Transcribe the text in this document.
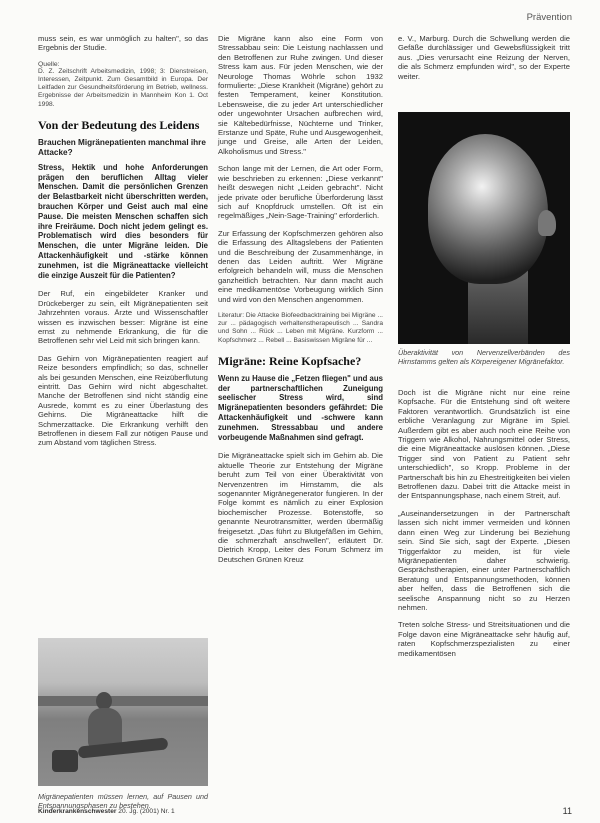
Prävention

muss sein, es war unmöglich zu halten", so das Ergebnis der Studie.

Quelle:

D. Z. Zeitschrift Arbeitsmedizin, 1998; 3: Dienstreisen, Interessen, Zeitpunkt. Zum Gesamtbild in Europa. Der Leitfaden zur Gesundheitsförderung im Betrieb, wellness. Ergebnisse der Arbeitsmedizin in Mannheim Kon 1. Oct 1998.

Von der Bedeutung des Leidens
Brauchen Migränepatienten manchmal ihre Attacke?

Stress, Hektik und hohe Anforderungen prägen den beruflichen Alltag vieler Menschen. Damit die persönlichen Grenzen der Belastbarkeit nicht überschritten werden, brauchen Körper und Geist auch mal eine Pause. Die meisten Menschen schaffen sich ihre Freiräume. Doch nicht jedem gelingt es. Problematisch wird dies besonders für Menschen, die unter Migräne leiden. Die Attackenhäufigkeit und -stärke können zunehmen, ist die Migräneattacke vielleicht die einzige Auszeit für die Patienten?

Der Ruf, ein eingebildeter Kranker und Drückeberger zu sein, eilt Migränepatienten seit Jahrzehnten voraus. Ärzte und Wissenschaftler wissen es inzwischen besser: Migräne ist eine ernst zu nehmende Erkrankung, die für die Betroffenen sehr viel Leid mit sich bringen kann.

Das Gehirn von Migränepatienten reagiert auf Reize besonders empfindlich; so das, schneller als bei gesunden Menschen, eine Reizüberflutung eintritt. Das Gehirn wird nicht abgeschaltet. Manche der Betroffenen sind nicht ständig eine Ausrede, kommt es zu einer Überlastung des Gehirns. Die Migräneattacke hilft die Schmerzattacke. Die Erkrankung verhilft den Betroffenen in diesem Fall zur nötigen Pause und zum Abstand vom täglichen Stress.

Migränepatienten müssen lernen, auf Pausen und Entspannungsphasen zu bestehen.

Die Migräne kann also eine Form von Stressabbau sein: Die Leistung nachlassen und den Betroffenen zur Ruhe zwingen. Und dieser Stress kam aus. Für jeden Menschen, wie der Neurologe Thomas Wöhrle schon 1932 formulierte: „Diese Krankheit (Migräne) gehört zu festen Temperament, keiner Konstitution. Lebensweise, die zu jeder Art unterschiedlicher oder ungewohnter Ursachen aufbrechen wird, sie Kältebedürfnisse, Nüchterne und Trinker, Erstanze und Späte, Ruhe und Ausgewogenheit, junge und Greise, alle Arten der Leiden, Alkoholismus und Stress."

Schon lange mit der Lernen, die Art oder Form, wie beschrieben zu erkennen: „Diese verkannt" heißt deswegen nicht „Leiden gebracht". Nicht jede private oder berufliche Überforderung lässt sich auf Knopfdruck umstellen. Oft ist ein regelmäßiges „Nein-Sage-Training" erforderlich.

Zur Erfassung der Kopfschmerzen gehören also die Erfassung des Alltagslebens der Patienten und die Beschreibung der Zusammenhänge, in denen das Leiden auftritt. Wer Migräne erfolgreich behandeln will, muss die Menschen ganzheitlich betrachten. Nur dann macht auch eine medikamentöse Vorbeugung wirklich Sinn und wird von den Menschen angenommen.

Literatur: Die Attacke Biofeedbacktraining bei Migräne ... zur ... pädagogisch verhaltenstherapeutisch ... Sandra und Sohn ... Rück ... Leben mit Migräne. Kurzform ... Kopfschmerz ... Rebell ... Basiswissen Migräne für ...

Migräne: Reine Kopfsache?

Wenn zu Hause die „Fetzen fliegen" und aus der partnerschaftlichen Zuneigung seelischer Stress wird, sind Migränepatienten besonders gefährdet: Die Attackenhäufigkeit und -schwere kann zunehmen. Stressabbau und andere vorbeugende Maßnahmen sind gefragt.

Die Migräneattacke spielt sich im Gehirn ab. Die aktuelle Theorie zur Entstehung der Migräne beruht zum Teil von einer Überaktivität von Nervenzentren im Hirnstamm, die als sogenannter Migränegenerator fungieren. In der Folge kommt es nämlich zu einer Explosion biochemischer Prozesse. Botenstoffe, so genannte Neurotransmitter, werden übermäßig freigesetzt. „Das führt zu Blutgefäßen im Gehirn, die schmerzhaft anschwellen", erläutert Dr. Dietrich Kropp, Leiter des Forum Schmerz im Deutschen Grünen Kreuz

e. V., Marburg. Durch die Schwellung werden die Gefäße durchlässiger und Gewebsflüssigkeit tritt aus. „Dies verursacht eine Reizung der Nerven, die als Schmerz empfunden wird", so der Experte weiter.

Überaktivität von Nervenzellverbänden des Hirnstamms gelten als Körpereigener Migränefaktor.

Doch ist die Migräne nicht nur eine reine Kopfsache. Für die Entstehung sind oft weitere Faktoren verantwortlich. Grundsätzlich ist eine erbliche Veranlagung zur Migräne im Spiel. Außerdem gibt es aber auch noch eine Reihe von Triggern wie Alkohol, Nahrungsmittel oder Stress, die eine Migräneattacke auslösen können. „Diese Trigger sind von Patient zu Patient sehr unterschiedlich", so Kropp. Probleme in der Partnerschaft bis hin zu Ehestreitigkeiten bei vielen Betroffenen dazu. Dabei tritt die Attacke meist in der Entspannungsphase, nach einem Streit, auf.

„Auseinandersetzungen in der Partnerschaft lassen sich nicht immer vermeiden und können dann einen Weg zur Linderung bei Beziehung sein. Sind Sie sich, sagt der Experte. „Diesen Triggerfaktor zu meiden, ist für viele Migränepatienten daher schwierig. Gesprächstherapien, einer unter Partnerschaftlich Beratung und Entspannungsmethoden, können aber helfen, dass die Betroffenen sich die seelische Anspannung nicht so zu Herzen nehmen.

Treten solche Stress- und Streitsituationen und die Folge davon eine Migräneattacke sehr häufig auf, raten Kopfschmerzspezialisten zu einer medikamentösen

Kinderkrankenschwester 20. Jg. (2001) Nr. 1	11
